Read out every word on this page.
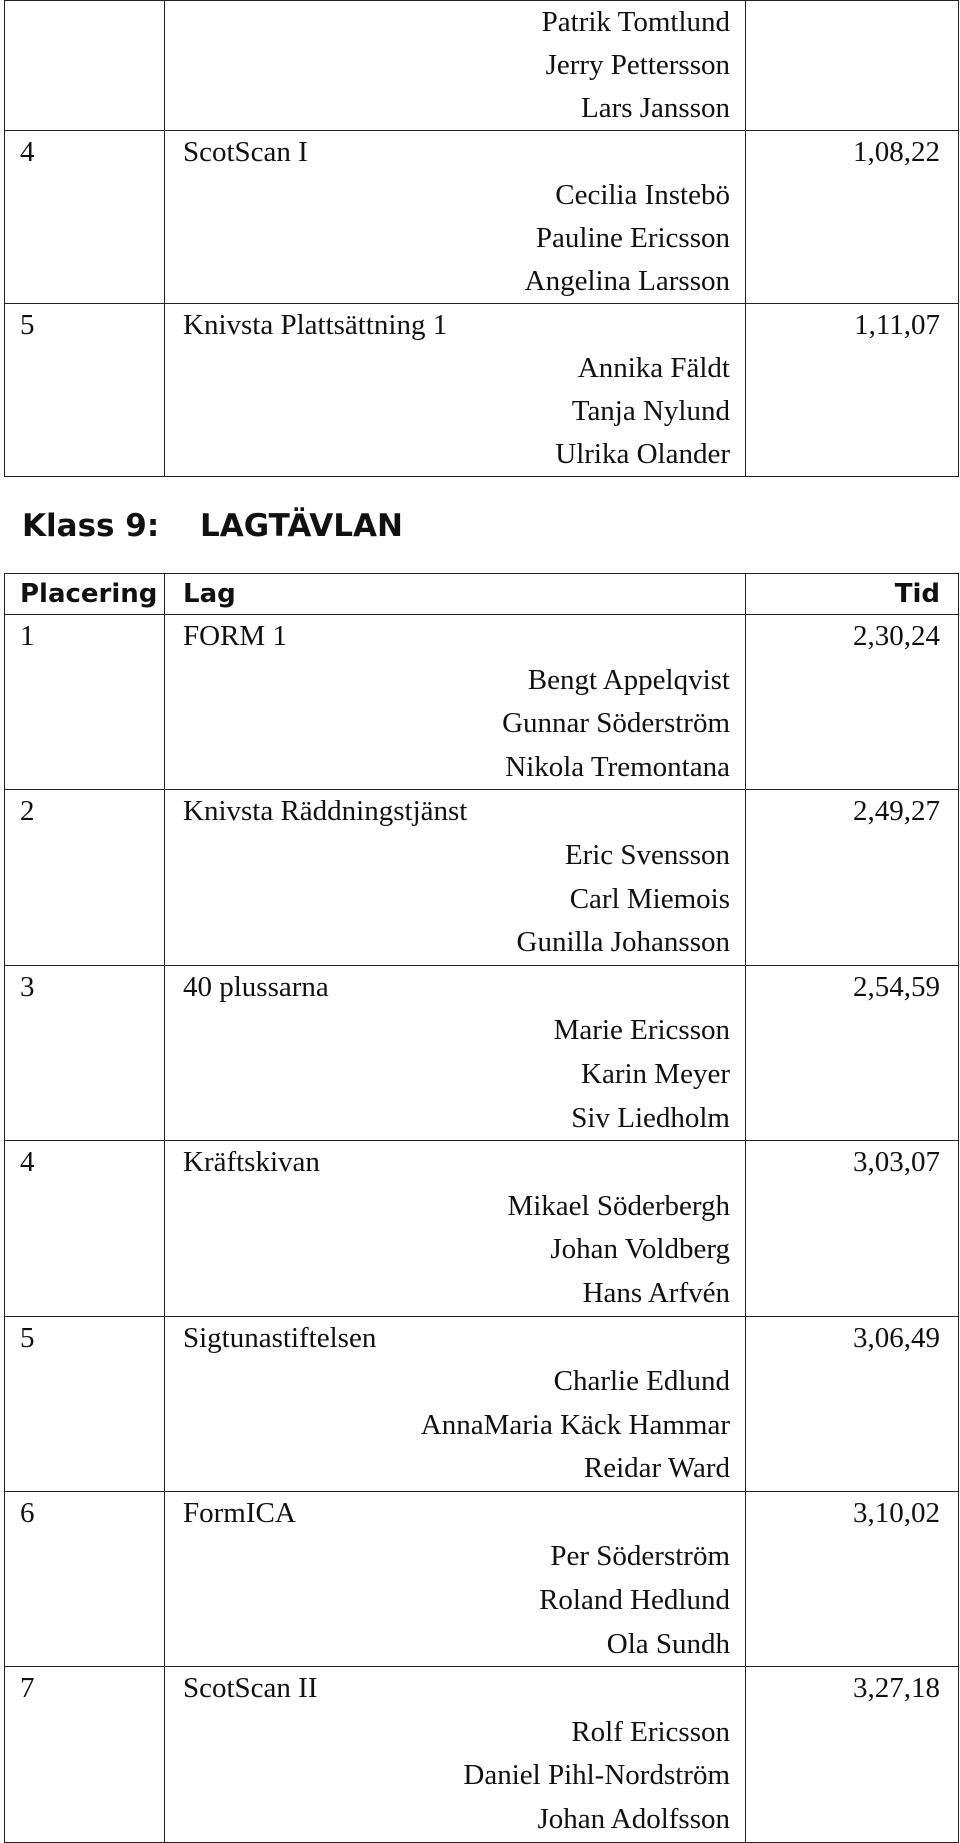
	Patrik Tomtlund
Jerry Pettersson
Lars Jansson	

4	ScotScan I
Cecilia Instebö
Pauline Ericsson
Angelina Larsson	1,08,22

5	Knivsta Plattsättning 1
Annika Fäldt
Tanja Nylund
Ulrika Olander	1,11,07
Klass 9: LAGTÄVLAN
Placering	Lag	Tid

1	FORM 1
Bengt Appelqvist
Gunnar Söderström
Nikola Tremontana	2,30,24

2	Knivsta Räddningstjänst
Eric Svensson
Carl Miemois
Gunilla Johansson	2,49,27

3	40 plussarna
Marie Ericsson
Karin Meyer
Siv Liedholm	2,54,59

4	Kräftskivan
Mikael Söderbergh
Johan Voldberg
Hans Arfvén	3,03,07

5	Sigtunastiftelsen
Charlie Edlund
AnnaMaria Käck Hammar
Reidar Ward	3,06,49

6	FormICA
Per Söderström
Roland Hedlund
Ola Sundh	3,10,02

7	ScotScan II
Rolf Ericsson
Daniel Pihl-Nordström
Johan Adolfsson	3,27,18
